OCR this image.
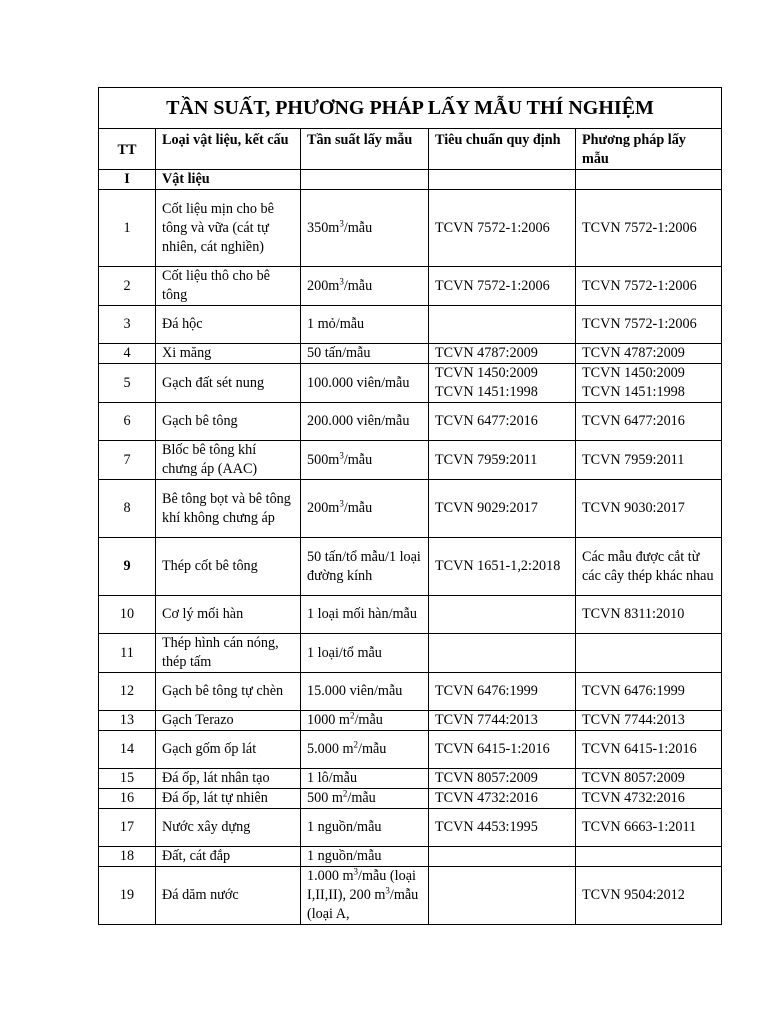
TẦN SUẤT, PHƯƠNG PHÁP LẤY MẪU THÍ NGHIỆM				
TT	Loại vật liệu, kết cấu	Tần suất lấy mẫu	Tiêu chuẩn quy định	Phương pháp lấy mẫu
I	Vật liệu			
1	Cốt liệu mịn cho bê tông và vữa (cát tự nhiên, cát nghiền)	$350m^3$/mẫu	TCVN 7572-1:2006	TCVN 7572-1:2006
2	Cốt liệu thô cho bê tông	$200m^3$/mẫu	TCVN 7572-1:2006	TCVN 7572-1:2006
3	Đá hộc	1 mỏ/mẫu		TCVN 7572-1:2006
4	Xi măng	50 tấn/mẫu	TCVN 4787:2009	TCVN 4787:2009
5	Gạch đất sét nung	100.000 viên/mẫu	TCVN 1450:2009 TCVN 1451:1998	TCVN 1450:2009 TCVN 1451:1998
6	Gạch bê tông	200.000 viên/mẫu	TCVN 6477:2016	TCVN 6477:2016
7	Blốc bê tông khí chưng áp (AAC)	$500m^3$/mẫu	TCVN 7959:2011	TCVN 7959:2011
8	Bê tông bọt và bê tông khí không chưng áp	$200m^3$/mẫu	TCVN 9029:2017	TCVN 9030:2017
9	Thép cốt bê tông	50 tấn/tổ mẫu/1 loại đường kính	TCVN 1651-1,2:2018	Các mẫu được cắt từ các cây thép khác nhau
10	Cơ lý mối hàn	1 loại mối hàn/mẫu		TCVN 8311:2010
11	Thép hình cán nóng, thép tấm	1 loại/tổ mẫu		
12	Gạch bê tông tự chèn	15.000 viên/mẫu	TCVN 6476:1999	TCVN 6476:1999
13	Gạch Terazo	1000 $m^2$/mẫu	TCVN 7744:2013	TCVN 7744:2013
14	Gạch gốm ốp lát	5.000 $m^2$/mẫu	TCVN 6415-1:2016	TCVN 6415-1:2016
15	Đá ốp, lát nhân tạo	1 lô/mẫu	TCVN 8057:2009	TCVN 8057:2009
16	Đá ốp, lát tự nhiên	500 $m^2$/mẫu	TCVN 4732:2016	TCVN 4732:2016
17	Nước xây dựng	1 nguồn/mẫu	TCVN 4453:1995	TCVN 6663-1:2011
18	Đất, cát đắp	1 nguồn/mẫu		
19	Đá dăm nước	1.000 $m^3$/mẫu (loại I,II,II), 200 $m^3$/mẫu (loại A,		TCVN 9504:2012
